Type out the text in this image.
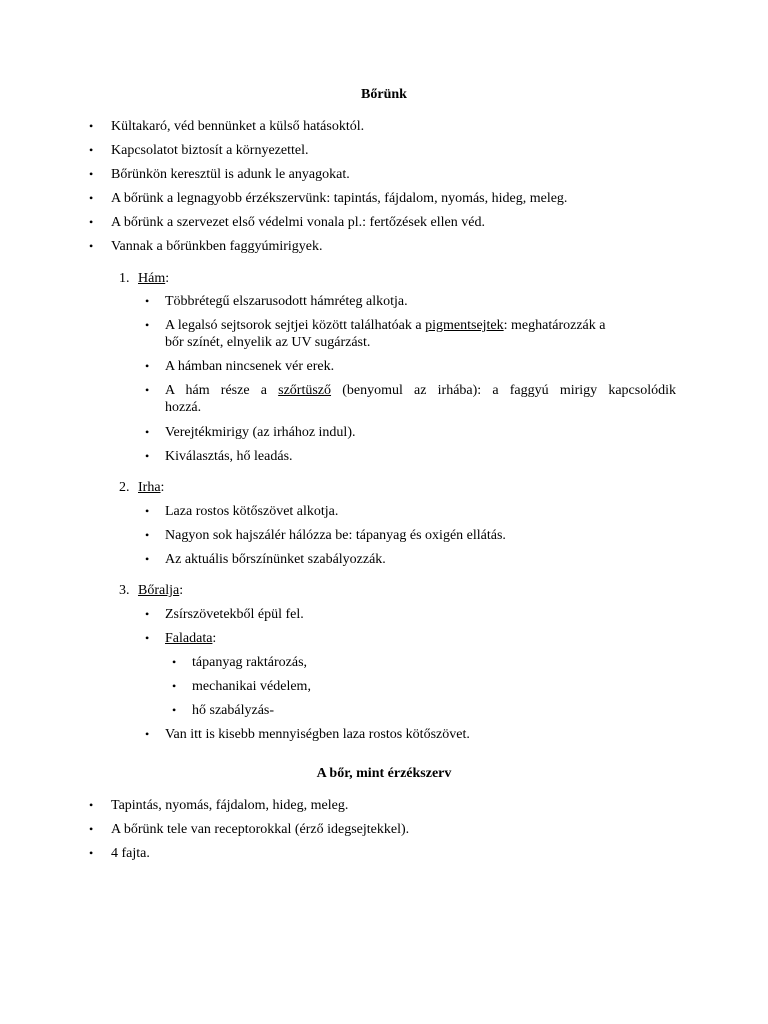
Bőrünk
• Kültakaró, véd bennünket a külső hatásoktól.
• Kapcsolatot biztosít a környezettel.
• Bőrünkön keresztül is adunk le anyagokat.
• A bőrünk a legnagyobb érzékszervünk: tapintás, fájdalom, nyomás, hideg, meleg.
• A bőrünk a szervezet első védelmi vonala pl.: fertőzések ellen véd.
• Vannak a bőrünkben faggyúmirigyek.
1. Hám:
• Többrétegű elszarusodott hámréteg alkotja.
• A legalsó sejtsorok sejtjei között találhatóak a pigmentsejtek: meghatározzák a
bőr színét, elnyelik az UV sugárzást.
• A hámban nincsenek vér erek.
• A hám része a szőrtüsző (benyomul az irhába): a faggyú mirigy kapcsolódik
hozzá.
• Verejtékmirigy (az irhához indul).
• Kiválasztás, hő leadás.
2. Irha:
• Laza rostos kötőszövet alkotja.
• Nagyon sok hajszálér hálózza be: tápanyag és oxigén ellátás.
• Az aktuális bőrszínünket szabályozzák.
3. Bőralja:
• Zsírszövetekből épül fel.
• Faladata:
• tápanyag raktározás,
• mechanikai védelem,
• hő szabályzás-
• Van itt is kisebb mennyiségben laza rostos kötőszövet.
A bőr, mint érzékszerv
• Tapintás, nyomás, fájdalom, hideg, meleg.
• A bőrünk tele van receptorokkal (érző idegsejtekkel).
• 4 fajta.
